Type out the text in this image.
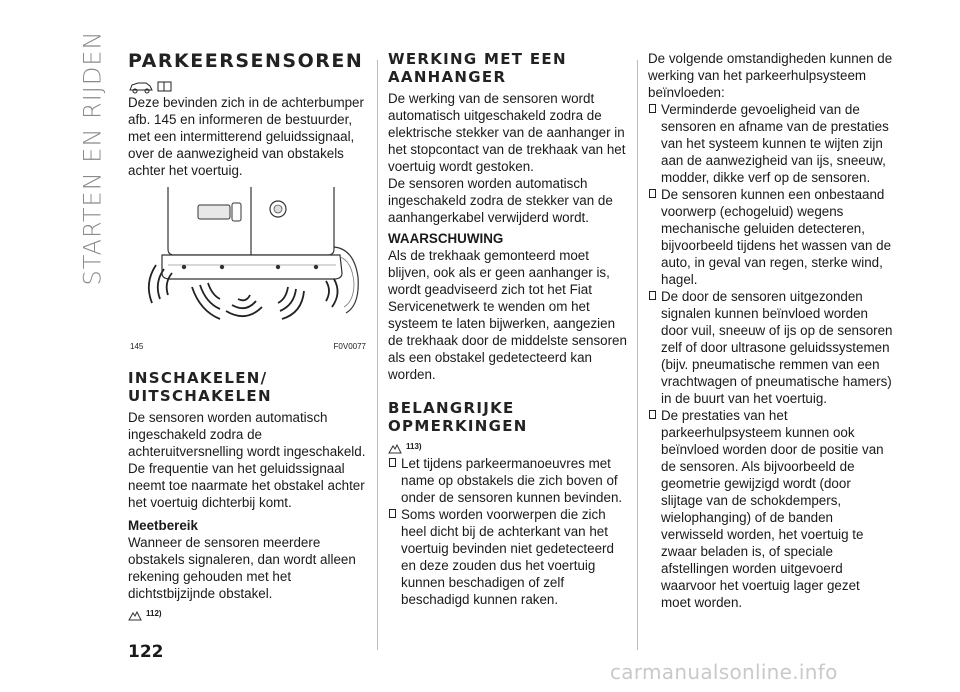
STARTEN EN RIJDEN PARKEERSENSOREN

Deze bevinden zich in de achterbumper afb. 145 en informeren de bestuurder, met een intermitterend geluidssignaal, over de aanwezigheid van obstakels achter het voertuig.

145	F0V0077
INSCHAKELEN/ UITSCHAKELEN

De sensoren worden automatisch ingeschakeld zodra de achteruitversnelling wordt ingeschakeld. De frequentie van het geluidssignaal neemt toe naarmate het obstakel achter het voertuig dichterbij komt.

Meetbereik

Wanneer de sensoren meerdere obstakels signaleren, dan wordt alleen rekening gehouden met het dichtstbijzijnde obstakel.

112)
WERKING MET EEN AANHANGER

De werking van de sensoren wordt automatisch uitgeschakeld zodra de elektrische stekker van de aanhanger in het stopcontact van de trekhaak van het voertuig wordt gestoken.

De sensoren worden automatisch ingeschakeld zodra de stekker van de aanhangerkabel verwijderd wordt.

WAARSCHUWING

Als de trekhaak gemonteerd moet blijven, ook als er geen aanhanger is, wordt geadviseerd zich tot het Fiat Servicenetwerk te wenden om het systeem te laten bijwerken, aangezien de trekhaak door de middelste sensoren als een obstakel gedetecteerd kan worden.

BELANGRIJKE OPMERKINGEN
113)

Let tijdens parkeermanoeuvres met name op obstakels die zich boven of onder de sensoren kunnen bevinden.

Soms worden voorwerpen die zich heel dicht bij de achterkant van het voertuig bevinden niet gedetecteerd en deze zouden dus het voertuig kunnen beschadigen of zelf beschadigd kunnen raken.

De volgende omstandigheden kunnen de werking van het parkeerhulpsysteem beïnvloeden:

Verminderde gevoeligheid van de sensoren en afname van de prestaties van het systeem kunnen te wijten zijn aan de aanwezigheid van ijs, sneeuw, modder, dikke verf op de sensoren.

De sensoren kunnen een onbestaand voorwerp (echogeluid) wegens mechanische geluiden detecteren, bijvoorbeeld tijdens het wassen van de auto, in geval van regen, sterke wind, hagel.

De door de sensoren uitgezonden signalen kunnen beïnvloed worden door vuil, sneeuw of ijs op de sensoren zelf of door ultrasone geluidssystemen (bijv. pneumatische remmen van een vrachtwagen of pneumatische hamers) in de buurt van het voertuig.

De prestaties van het parkeerhulpsysteem kunnen ook beïnvloed worden door de positie van de sensoren. Als bijvoorbeeld de geometrie gewijzigd wordt (door slijtage van de schokdempers, wielophanging) of de banden verwisseld worden, het voertuig te zwaar beladen is, of speciale afstellingen worden uitgevoerd waarvoor het voertuig lager gezet moet worden.

122
carmanualsonline.info
